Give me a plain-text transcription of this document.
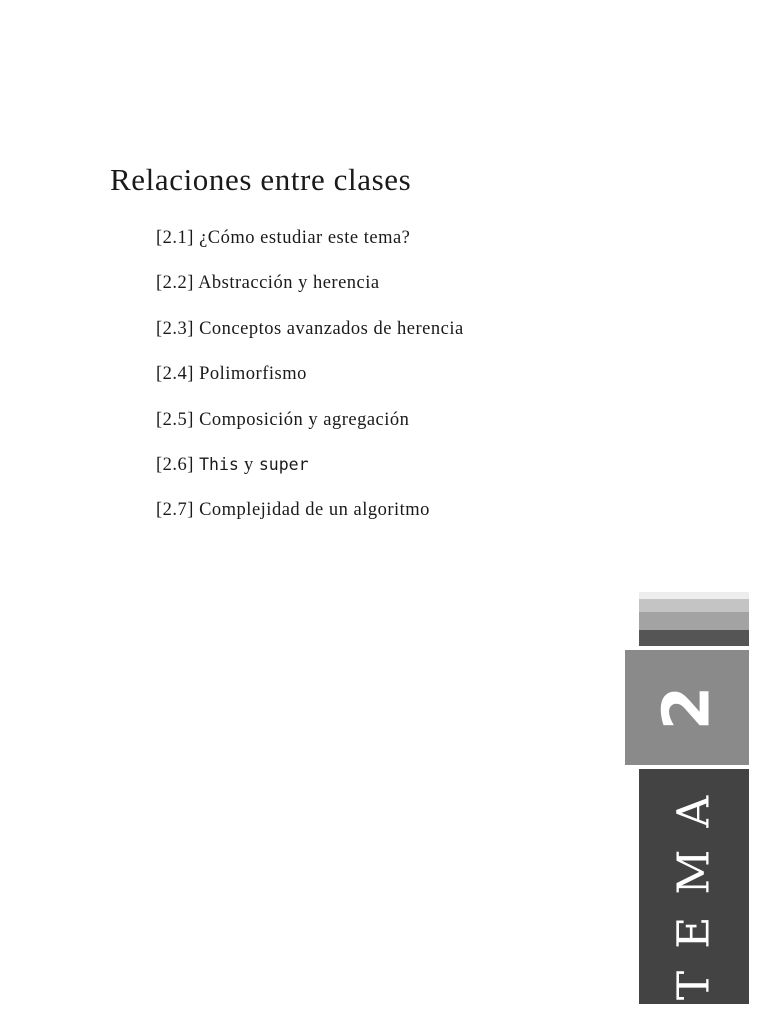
Relaciones entre clases
[2.1] ¿Cómo estudiar este tema?
[2.2] Abstracción y herencia
[2.3] Conceptos avanzados de herencia
[2.4] Polimorfismo
[2.5] Composición y agregación
[2.6] This y super
[2.7] Complejidad de un algoritmo
2
TEMA
